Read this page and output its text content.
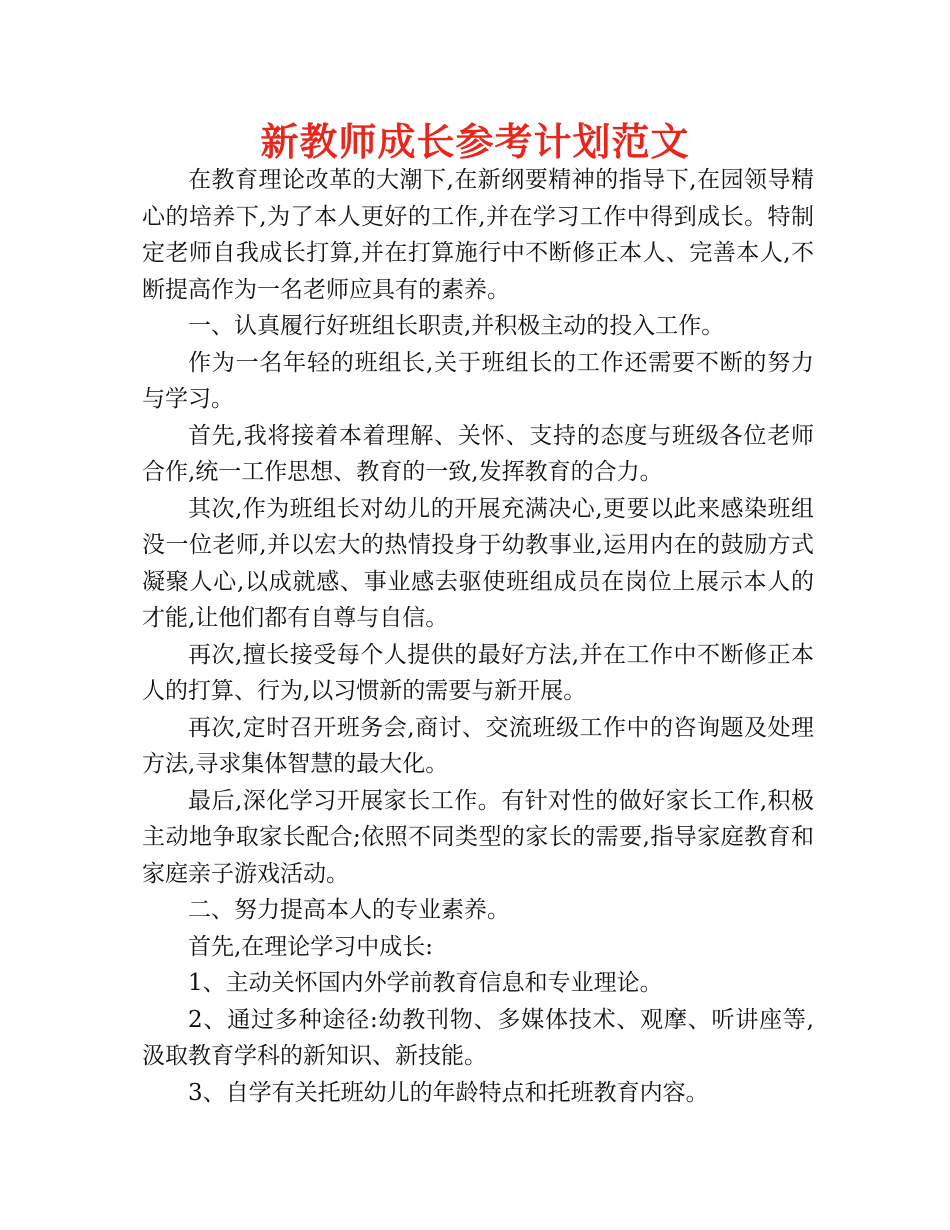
新教师成长参考计划范文

在教育理论改革的大潮下,在新纲要精神的指导下,在园领导精心的培养下,为了本人更好的工作,并在学习工作中得到成长。特制定老师自我成长打算,并在打算施行中不断修正本人、完善本人,不断提高作为一名老师应具有的素养。

一、认真履行好班组长职责,并积极主动的投入工作。

作为一名年轻的班组长,关于班组长的工作还需要不断的努力与学习。

首先,我将接着本着理解、关怀、支持的态度与班级各位老师合作,统一工作思想、教育的一致,发挥教育的合力。

其次,作为班组长对幼儿的开展充满决心,更要以此来感染班组没一位老师,并以宏大的热情投身于幼教事业,运用内在的鼓励方式凝聚人心,以成就感、事业感去驱使班组成员在岗位上展示本人的才能,让他们都有自尊与自信。

再次,擅长接受每个人提供的最好方法,并在工作中不断修正本人的打算、行为,以习惯新的需要与新开展。

再次,定时召开班务会,商讨、交流班级工作中的咨询题及处理方法,寻求集体智慧的最大化。

最后,深化学习开展家长工作。有针对性的做好家长工作,积极主动地争取家长配合;依照不同类型的家长的需要,指导家庭教育和家庭亲子游戏活动。

二、努力提高本人的专业素养。

首先,在理论学习中成长:

1、主动关怀国内外学前教育信息和专业理论。

2、通过多种途径:幼教刊物、多媒体技术、观摩、听讲座等,汲取教育学科的新知识、新技能。

3、自学有关托班幼儿的年龄特点和托班教育内容。
